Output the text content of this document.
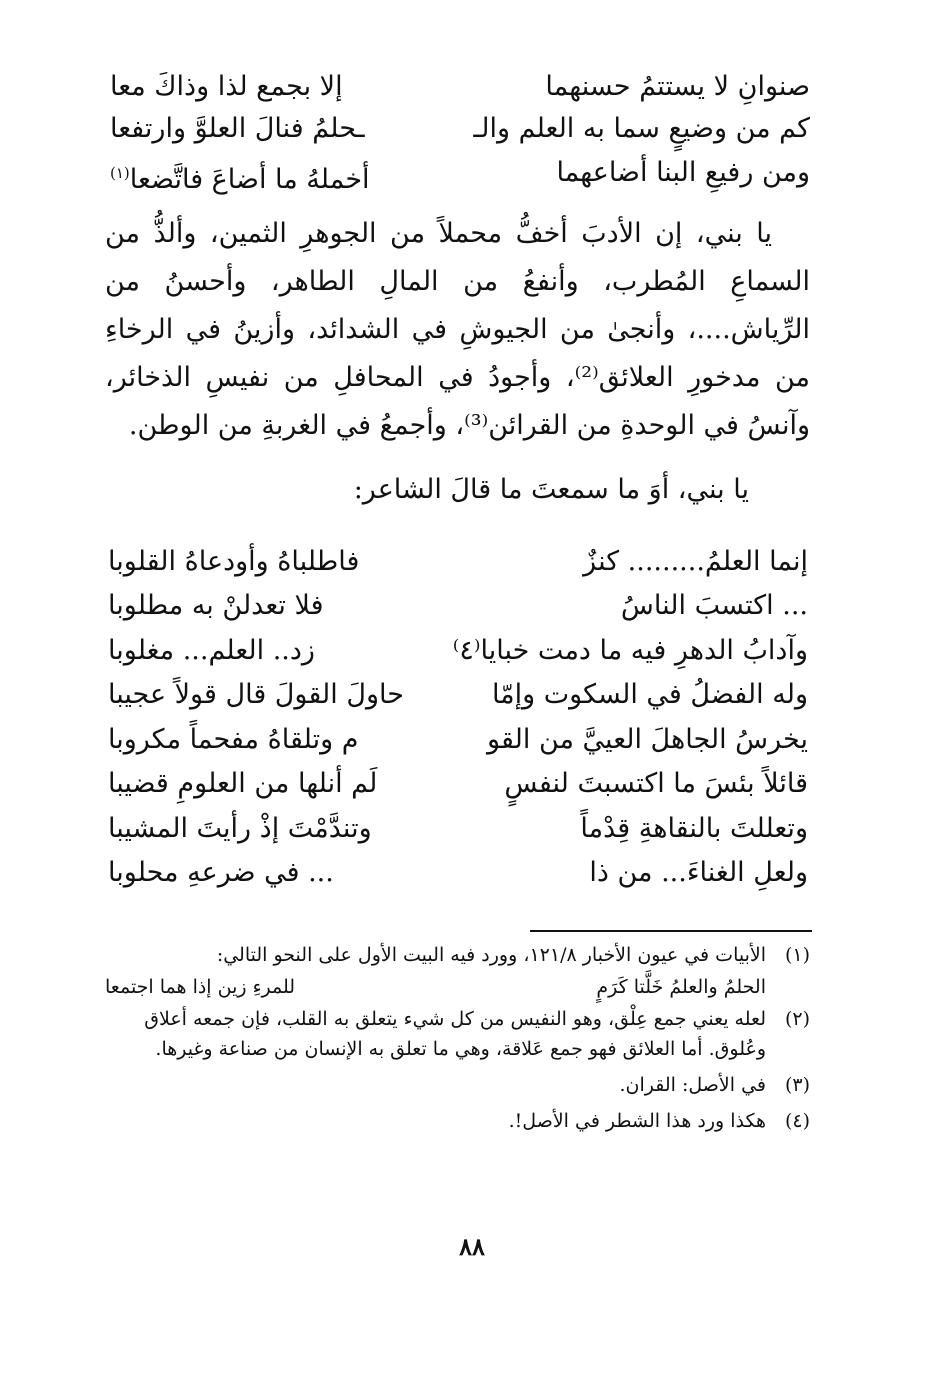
صنوانِ لا يستتمُ حسنهما
إلا بجمع لذا وذاكَ معا
كم من وضيعٍ سما به العلم والـ
ـحلمُ فنالَ العلوَّ وارتفعا
ومن رفيعِ البنا أضاعهما
أخملهُ ما أضاعَ فاتَّضعا$^{(١)}$
يا بني، إن الأدبَ أخفُّ محملاً من الجوهرِ الثمين، وألذُّ من السماعِ المُطرب، وأنفعُ من المالِ الطاهر، وأحسنُ من الرِّياش....، وأنجىٰ من الجيوشِ في الشدائد، وأزينُ في الرخاءِ من مدخورِ العلائق⁽²⁾، وأجودُ في المحافلِ من نفيسِ الذخائر، وآنسُ في الوحدةِ من القرائن⁽³⁾، وأجمعُ في الغربةِ من الوطن.
يا بني، أوَ ما سمعتَ ما قالَ الشاعر:
إنما العلمُ......... كنزٌ
فاطلباهُ وأودعاهُ القلوبا
... اكتسبَ الناسُ
فلا تعدلنْ به مطلوبا
وآدابُ الدهرِ فيه ما دمت خبايا⁽٤⁾
زد.. العلم... مغلوبا
وله الفضلُ في السكوت وإمّا
حاولَ القولَ قال قولاً عجيبا
يخرسُ الجاهلَ العييَّ من القو
م وتلقاهُ مفحماً مكروبا
قائلاً بئسَ ما اكتسبتَ لنفسٍ
لَم أنلها من العلومِ قضيبا
وتعللتَ بالنقاهةِ قِدْماً
وتندَّمْتَ إذْ رأيتَ المشيبا
ولعلِ الغناءَ... من ذا
... في ضرعهِ محلوبا
(١)
الأبيات في عيون الأخبار ١٢١/٨، وورد فيه البيت الأول على النحو التالي:
الحلمُ والعلمُ خَلَّتا كَرَمٍ
للمرءِ زين إذا هما اجتمعا
(٢)
لعله يعني جمع عِلْق، وهو النفيس من كل شيء يتعلق به القلب، فإن جمعه أعلاق وعُلوق. أما العلائق فهو جمع عَلاقة، وهي ما تعلق به الإنسان من صناعة وغيرها.
(٣)
في الأصل: القران.
(٤)
هكذا ورد هذا الشطر في الأصل!.
٨٨
